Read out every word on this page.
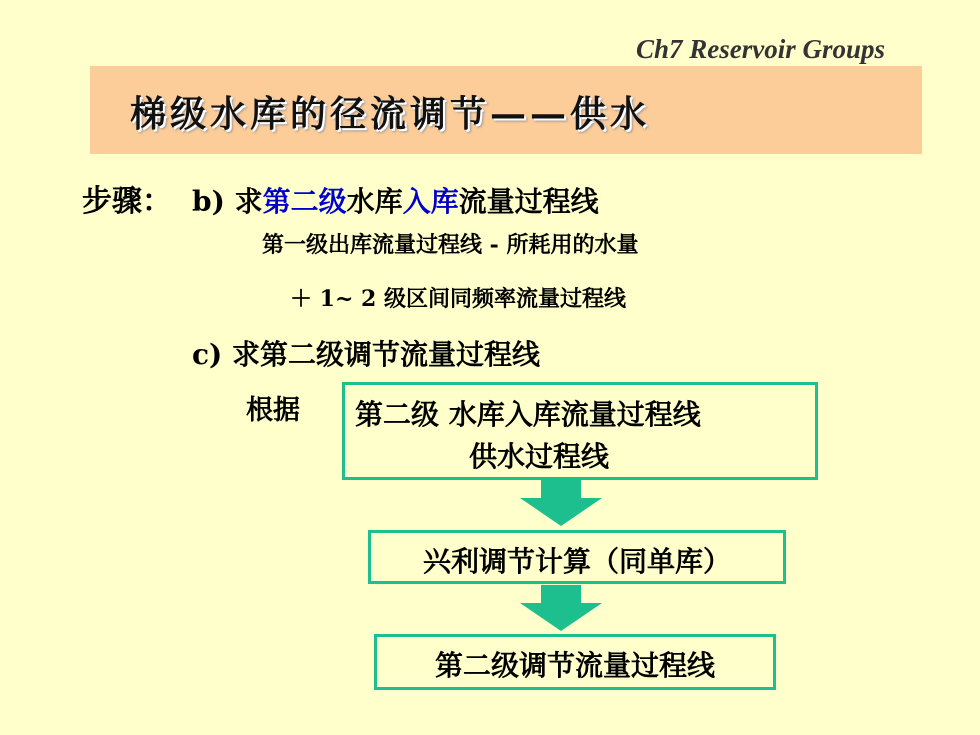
Ch7 Reservoir Groups
梯级水库的径流调节——供水
步骤： b) 求第二级水库入库流量过程线
第一级出库流量过程线 - 所耗用的水量
＋ 1~ 2 级区间同频率流量过程线
c) 求第二级调节流量过程线
根据 第二级 水库入库流量过程线
供水过程线
兴利调节计算（同单库）
第二级调节流量过程线
